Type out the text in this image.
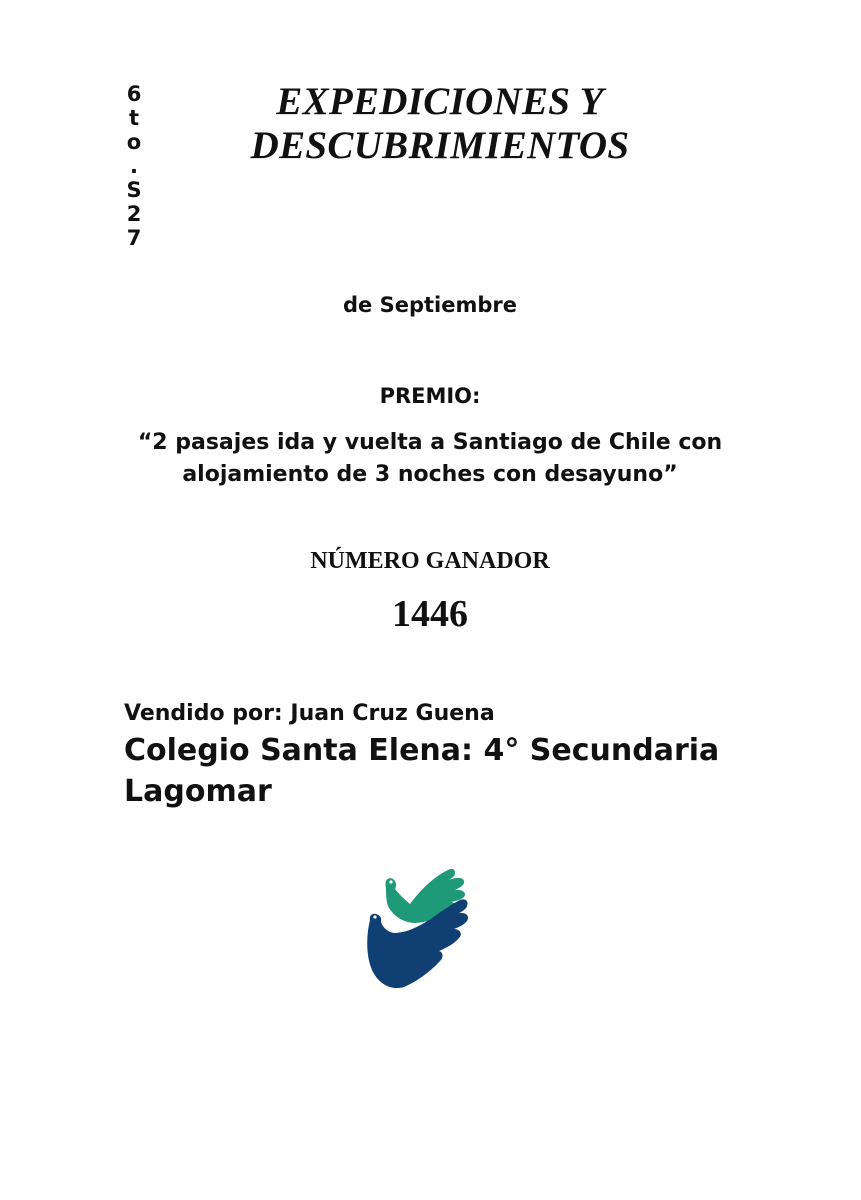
6
t
o
.
S
2
7
EXPEDICIONES Y
DESCUBRIMIENTOS
de Septiembre
PREMIO:
“2 pasajes ida y vuelta a Santiago de Chile con
alojamiento de 3 noches con desayuno”
NÚMERO GANADOR
1446
Vendido por: Juan Cruz Guena
Colegio Santa Elena: 4° Secundaria
Lagomar
